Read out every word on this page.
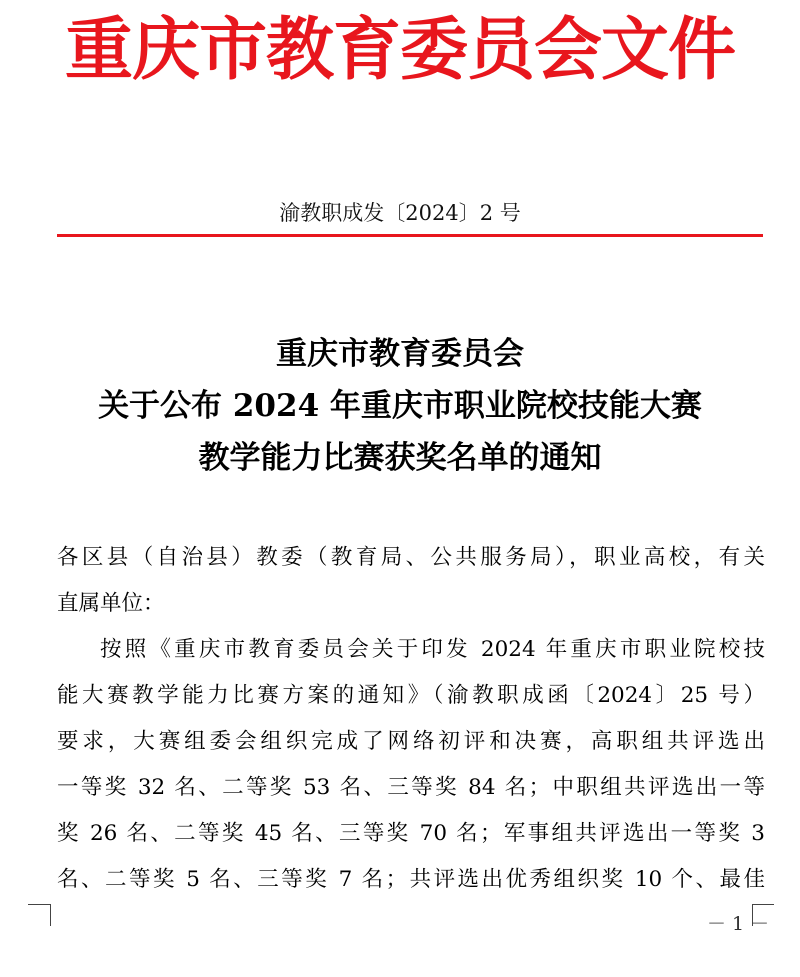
重庆市教育委员会文件
渝教职成发〔2024〕2 号
重庆市教育委员会
关于公布 2024 年重庆市职业院校技能大赛
教学能力比赛获奖名单的通知

各区县（自治县）教委（教育局、公共服务局），职业高校，有关
直属单位：

按照《重庆市教育委员会关于印发 2024 年重庆市职业院校技
能大赛教学能力比赛方案的通知》（渝教职成函〔2024〕25 号）
要求，大赛组委会组织完成了网络初评和决赛，高职组共评选出
一等奖 32 名、二等奖 53 名、三等奖 84 名；中职组共评选出一等
奖 26 名、二等奖 45 名、三等奖 70 名；军事组共评选出一等奖 3
名、二等奖 5 名、三等奖 7 名；共评选出优秀组织奖 10 个、最佳

－ 1 －
